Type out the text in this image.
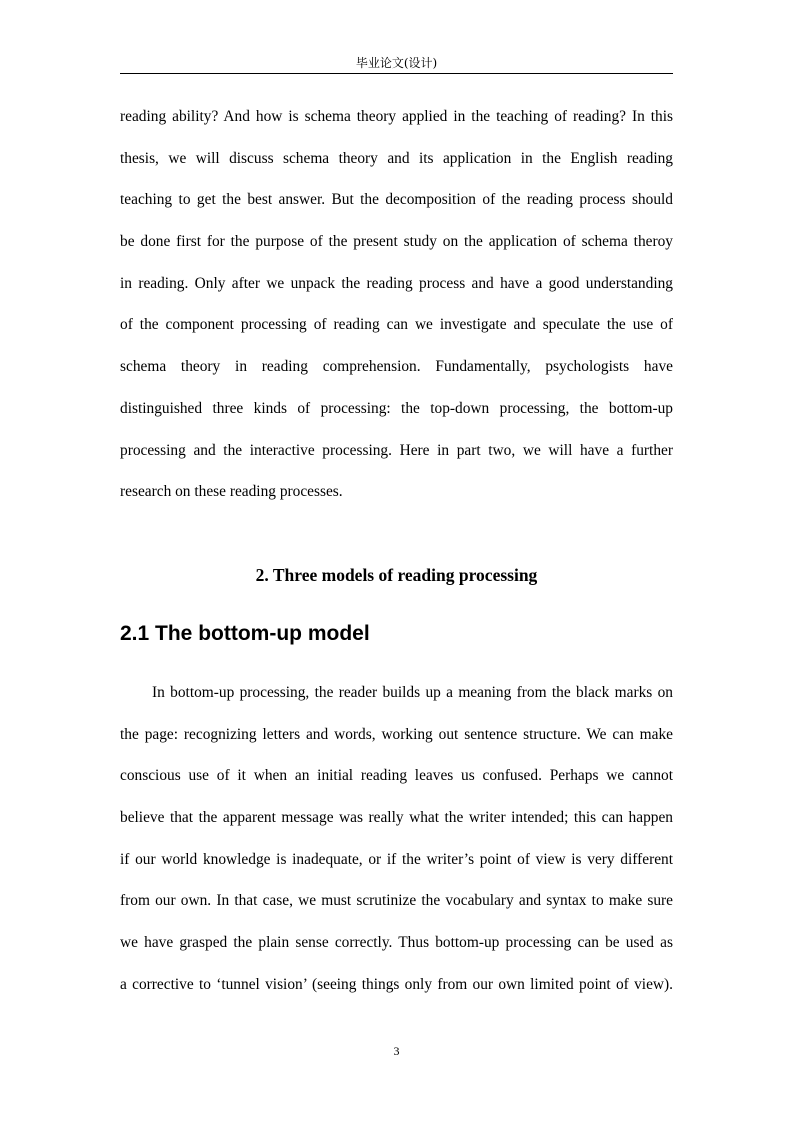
毕业论文(设计)
reading ability? And how is schema theory applied in the teaching of reading? In this
thesis, we will discuss schema theory and its application in the English reading
teaching to get the best answer. But the decomposition of the reading process should
be done first for the purpose of the present study on the application of schema theroy
in reading. Only after we unpack the reading process and have a good understanding
of the component processing of reading can we investigate and speculate the use of
schema theory in reading comprehension. Fundamentally, psychologists have
distinguished three kinds of processing: the top-down processing, the bottom-up
processing and the interactive processing. Here in part two, we will have a further
research on these reading processes.
2. Three models of reading processing
2.1 The bottom-up model
In bottom-up processing, the reader builds up a meaning from the black marks on
the page: recognizing letters and words, working out sentence structure. We can make
conscious use of it when an initial reading leaves us confused. Perhaps we cannot
believe that the apparent message was really what the writer intended; this can happen
if our world knowledge is inadequate, or if the writer’s point of view is very different
from our own. In that case, we must scrutinize the vocabulary and syntax to make sure
we have grasped the plain sense correctly. Thus bottom-up processing can be used as
a corrective to ‘tunnel vision’ (seeing things only from our own limited point of view).
3
